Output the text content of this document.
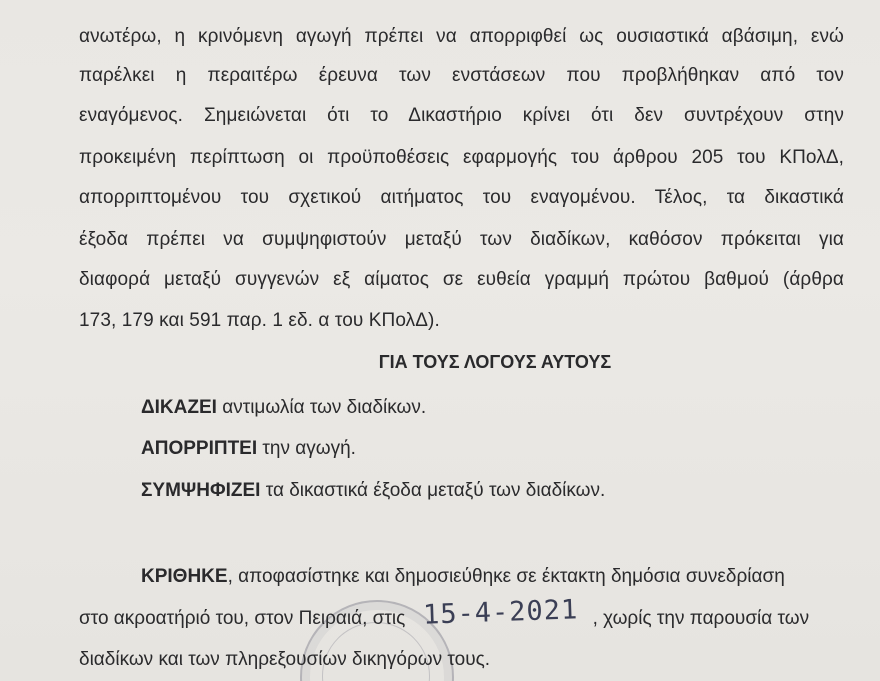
ανωτέρω, η κρινόμενη αγωγή πρέπει να απορριφθεί ως ουσιαστικά αβάσιμη, ενώ
παρέλκει η περαιτέρω έρευνα των ενστάσεων που προβλήθηκαν από τον
εναγόμενος. Σημειώνεται ότι το Δικαστήριο κρίνει ότι δεν συντρέχουν στην
προκειμένη περίπτωση οι προϋποθέσεις εφαρμογής του άρθρου 205 του ΚΠολΔ,
απορριπτομένου του σχετικού αιτήματος του εναγομένου. Τέλος, τα δικαστικά
έξοδα πρέπει να συμψηφιστούν μεταξύ των διαδίκων, καθόσον πρόκειται για
διαφορά μεταξύ συγγενών εξ αίματος σε ευθεία γραμμή πρώτου βαθμού (άρθρα
173, 179 και 591 παρ. 1 εδ. α του ΚΠολΔ).
ΓΙΑ ΤΟΥΣ ΛΟΓΟΥΣ ΑΥΤΟΥΣ
ΔΙΚΑΖΕΙ αντιμωλία των διαδίκων.
ΑΠΟΡΡΙΠΤΕΙ την αγωγή.
ΣΥΜΨΗΦΙΖΕΙ τα δικαστικά έξοδα μεταξύ των διαδίκων.
ΚΡΙΘΗΚΕ, αποφασίστηκε και δημοσιεύθηκε σε έκτακτη δημόσια συνεδρίαση
στο ακροατήριό του, στον Πειραιά, στις 15-4-2021 , χωρίς την παρουσία των
διαδίκων και των πληρεξουσίων δικηγόρων τους.
